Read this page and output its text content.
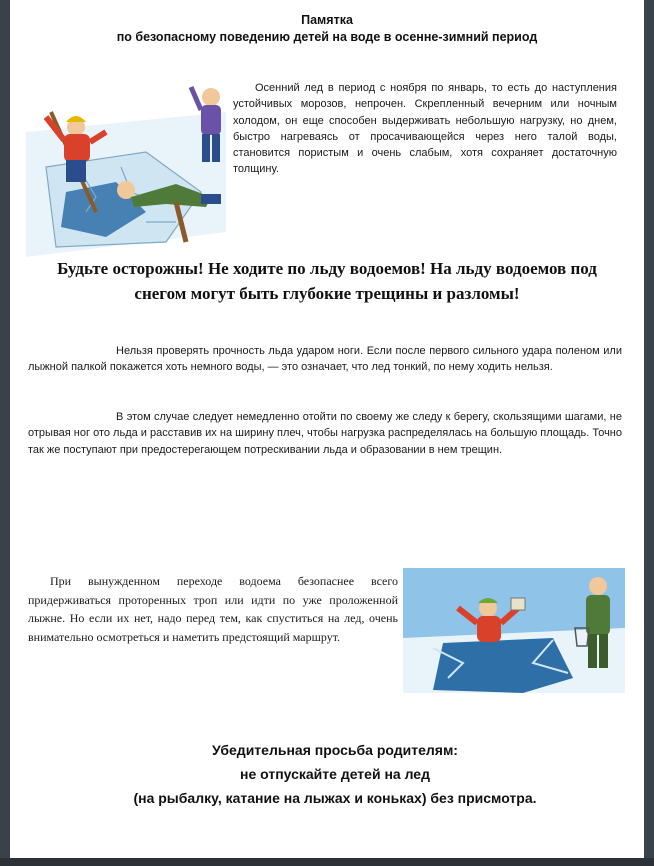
Памятка
по безопасному поведению детей на воде в осенне-зимний период

Осенний лед в период с ноября по январь, то есть до наступления устойчивых морозов, непрочен. Скрепленный вечерним или ночным холодом, он еще способен выдерживать небольшую нагрузку, но днем, быстро нагреваясь от просачивающейся через него талой воды, становится пористым и очень слабым, хотя сохраняет достаточную толщину.

Будьте осторожны! Не ходите по льду водоемов! На льду водоемов под снегом могут быть глубокие трещины и разломы!

Нельзя проверять прочность льда ударом ноги. Если после первого сильного удара поленом или лыжной палкой покажется хоть немного воды, — это означает, что лед тонкий, по нему ходить нельзя.

В этом случае следует немедленно отойти по своему же следу к берегу, скользящими шагами, не отрывая ног ото льда и расставив их на ширину плеч, чтобы нагрузка распределялась на большую площадь. Точно так же поступают при предостерегающем потрескивании льда и образовании в нем трещин.

При вынужденном переходе водоема безопаснее всего придерживаться проторенных троп или идти по уже проложенной лыжне. Но если их нет, надо перед тем, как спуститься на лед, очень внимательно осмотреться и наметить предстоящий маршрут.

Убедительная просьба родителям:
не отпускайте детей на лед
(на рыбалку, катание на лыжах и коньках) без присмотра.
